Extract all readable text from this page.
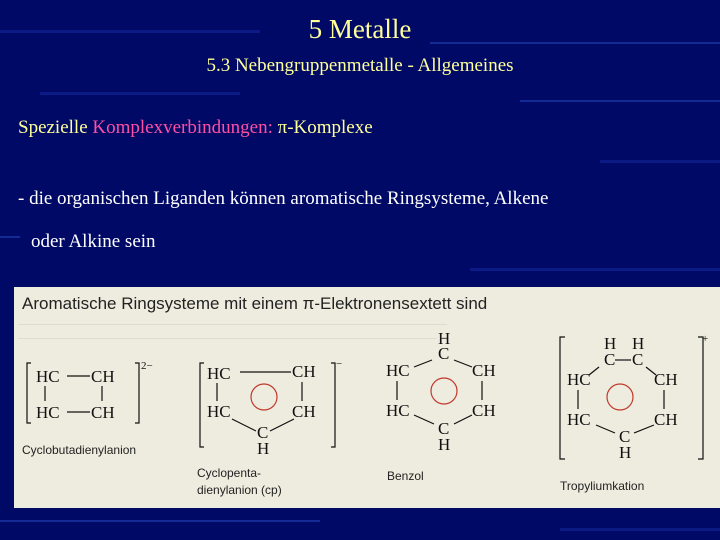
5 Metalle
5.3 Nebengruppenmetalle - Allgemeines
Spezielle Komplexverbindungen: π-Komplexe
- die organischen Liganden können aromatische Ringsysteme, Alkene
oder Alkine sein
———————————————————————————————————————
——————————————————————————————————————
Aromatische Ringsysteme mit einem π-Elektronensextett sind
HC CH
HC CH
2−
Cyclobutadienylanion
HC	CH
HC	CH
C
H
−
Cyclopenta-
dienylanion (cp)
H
C
HC	CH
HC	CH
C
H
Benzol
H H
C C
HC	CH
HC	CH
C
H
+
Tropyliumkation
